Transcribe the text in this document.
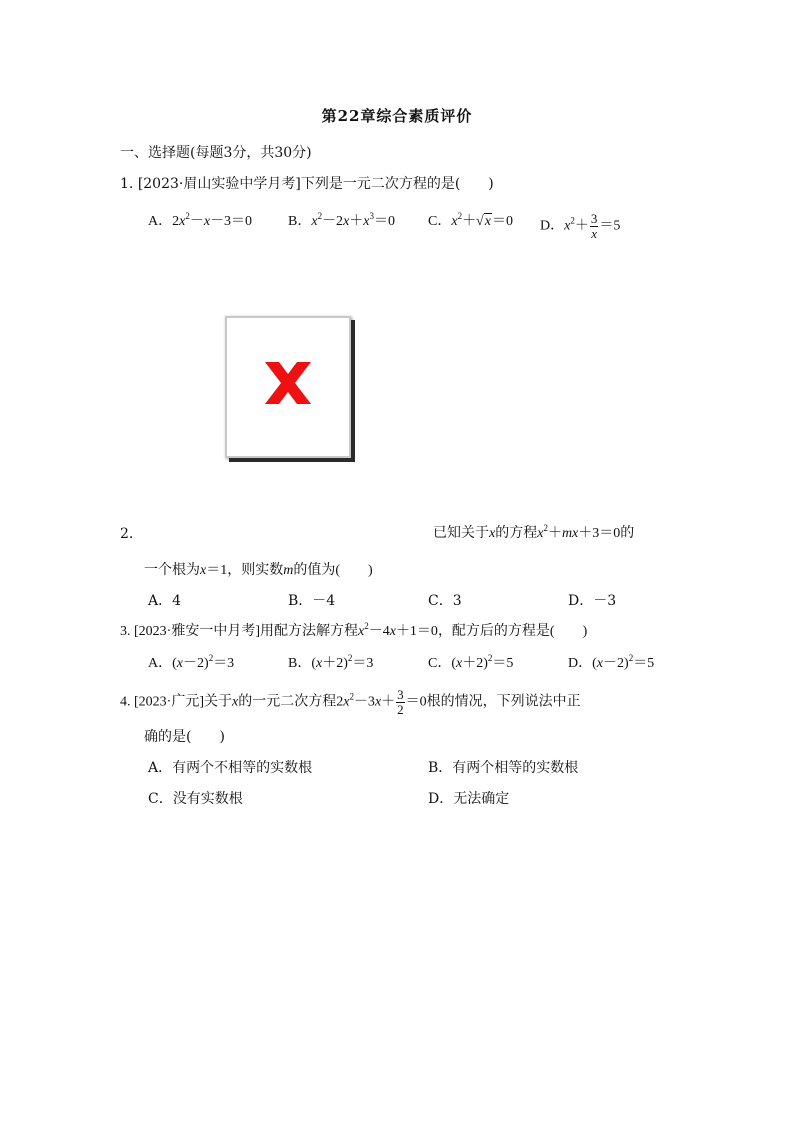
第22章综合素质评价
一、选择题(每题3分，共30分)
1. [2023·眉山实验中学月考]下列是一元二次方程的是(　　)
A．$2x^2-x-3=0$	B．$x^2-2x+x^3=0$ C．$x^2+√x=0$ D．$x^2+ \frac{3}{x} =5$
2.	已知关于x的方程$x^2+mx+3=0$的
一个根为x＝1，则实数m的值为(　　)
A．4	B．－4	C．3	D．－3
3. [2023·雅安一中月考]用配方法解方程$x^2-4x+1=0$，配方后的方程是(　　)
A．$(x-2)^2=3$	B．$(x+2)^2=3$	C．$(x+2)^2=5$	D．$(x-2)^2=5$
4. [2023·广元]关于x的一元二次方程$2x^2-3x+ \frac{3}{2} =0$根的情况，下列说法中正
确的是(　　)
A．有两个不相等的实数根	B．有两个相等的实数根
C．没有实数根	D．无法确定
